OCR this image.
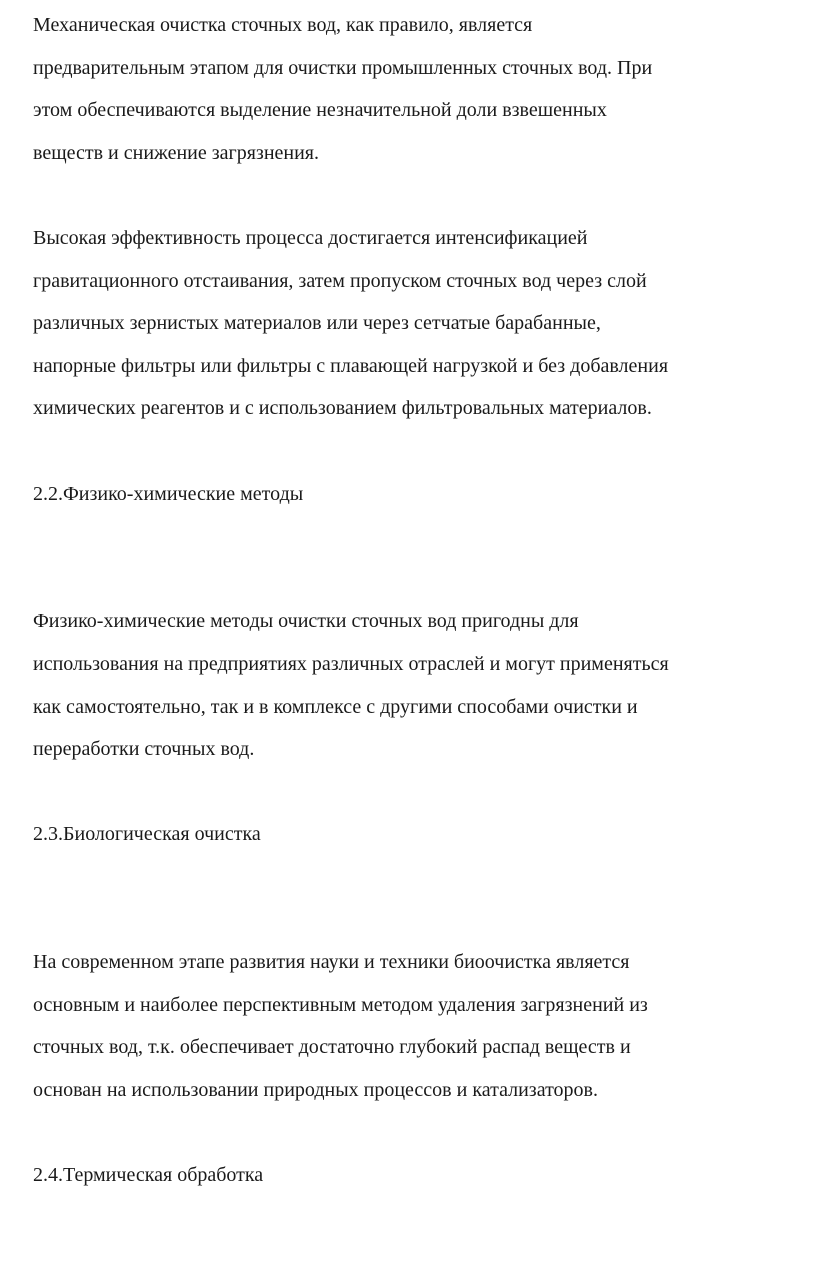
Механическая очистка сточных вод, как правило, является
предварительным этапом для очистки промышленных сточных вод. При
этом обеспечиваются выделение незначительной доли взвешенных
веществ и снижение загрязнения.

Высокая эффективность процесса достигается интенсификацией
гравитационного отстаивания, затем пропуском сточных вод через слой
различных зернистых материалов или через сетчатые барабанные,
напорные фильтры или фильтры с плавающей нагрузкой и без добавления
химических реагентов и с использованием фильтровальных материалов.

2.2.Физико-химические методы

Физико-химические методы очистки сточных вод пригодны для
использования на предприятиях различных отраслей и могут применяться
как самостоятельно, так и в комплексе с другими способами очистки и
переработки сточных вод.

2.3.Биологическая очистка

На современном этапе развития науки и техники биоочистка является
основным и наиболее перспективным методом удаления загрязнений из
сточных вод, т.к. обеспечивает достаточно глубокий распад веществ и
основан на использовании природных процессов и катализаторов.

2.4.Термическая обработка
